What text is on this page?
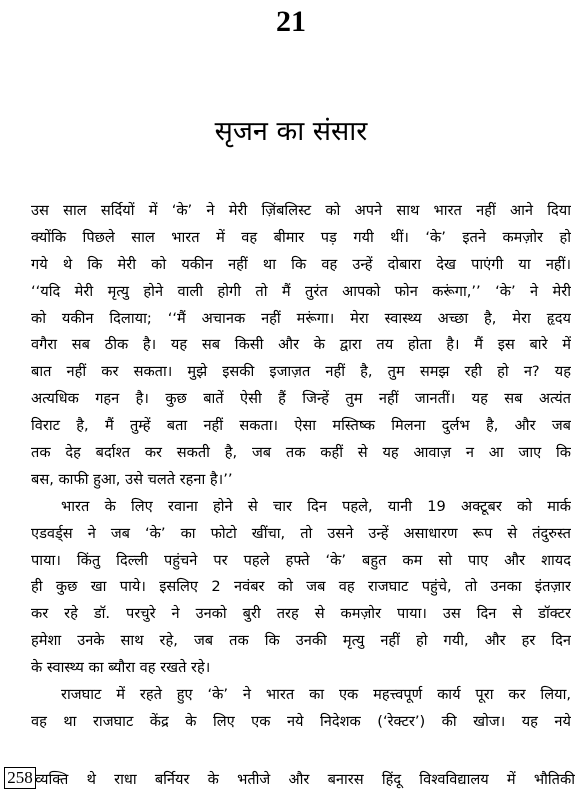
21
सृजन का संसार
उस साल सर्दियों में ‘के’ ने मेरी ज़िंबलिस्ट को अपने साथ भारत नहीं आने दिया
क्योंकि पिछले साल भारत में वह बीमार पड़ गयी थीं। ‘के’ इतने कमज़ोर हो
गये थे कि मेरी को यकीन नहीं था कि वह उन्हें दोबारा देख पाएंगी या नहीं।
‘‘यदि मेरी मृत्यु होने वाली होगी तो मैं तुरंत आपको फोन करूंगा,’’ ‘के’ ने मेरी
को यकीन दिलाया; ‘‘मैं अचानक नहीं मरूंगा। मेरा स्वास्थ्य अच्छा है, मेरा हृदय
वगैरा सब ठीक है। यह सब किसी और के द्वारा तय होता है। मैं इस बारे में
बात नहीं कर सकता। मुझे इसकी इजाज़त नहीं है, तुम समझ रही हो न? यह
अत्यधिक गहन है। कुछ बातें ऐसी हैं जिन्हें तुम नहीं जानतीं। यह सब अत्यंत
विराट है, मैं तुम्हें बता नहीं सकता। ऐसा मस्तिष्क मिलना दुर्लभ है, और जब
तक देह बर्दाश्त कर सकती है, जब तक कहीं से यह आवाज़ न आ जाए कि
बस, काफी हुआ, उसे चलते रहना है।’’
भारत के लिए रवाना होने से चार दिन पहले, यानी 19 अक्टूबर को मार्क
एडवर्ड्स ने जब ‘के’ का फोटो खींचा, तो उसने उन्हें असाधारण रूप से तंदुरुस्त
पाया। किंतु दिल्ली पहुंचने पर पहले हफ्ते ‘के’ बहुत कम सो पाए और शायद
ही कुछ खा पाये। इसलिए 2 नवंबर को जब वह राजघाट पहुंचे, तो उनका इंतज़ार
कर रहे डॉ. परचुरे ने उनको बुरी तरह से कमज़ोर पाया। उस दिन से डॉक्टर
हमेशा उनके साथ रहे, जब तक कि उनकी मृत्यु नहीं हो गयी, और हर दिन
के स्वास्थ्य का ब्यौरा वह रखते रहे।
राजघाट में रहते हुए ‘के’ ने भारत का एक महत्त्वपूर्ण कार्य पूरा कर लिया,
वह था राजघाट केंद्र के लिए एक नये निदेशक (‘रेक्टर’) की खोज। यह नये
258 व्यक्ति थे राधा बर्नियर के भतीजे और बनारस हिंदू विश्वविद्यालय में भौतिकी
